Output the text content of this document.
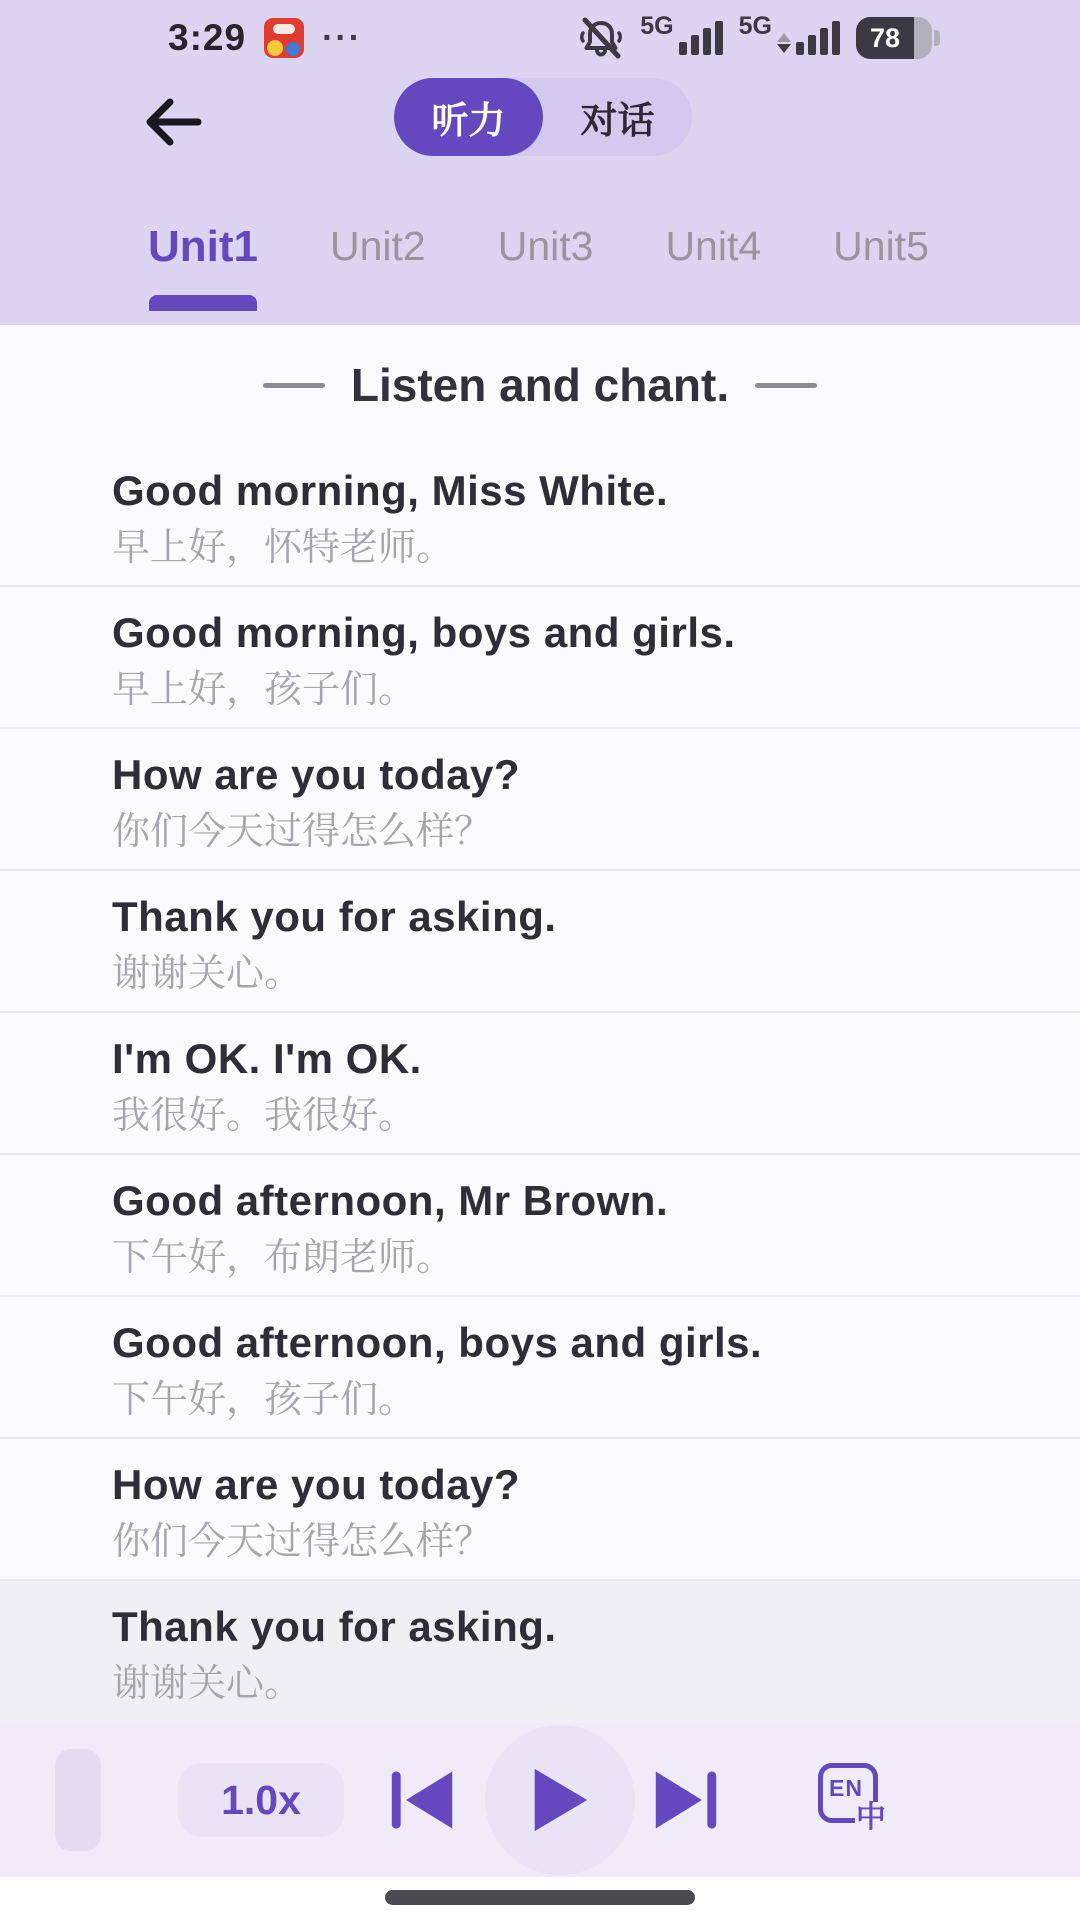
3:29 ···	5G	5G	78
听力	对话
Unit1 Unit2 Unit3 Unit4 Unit5
Listen and chant.
Good morning, Miss White.
早上好，怀特老师。
Good morning, boys and girls.
早上好，孩子们。
How are you today?
你们今天过得怎么样？
Thank you for asking.
谢谢关心。
I'm OK. I'm OK.
我很好。我很好。
Good afternoon, Mr Brown.
下午好，布朗老师。
Good afternoon, boys and girls.
下午好，孩子们。
How are you today?
你们今天过得怎么样？
Thank you for asking.
谢谢关心。
1.0x	EN
中
